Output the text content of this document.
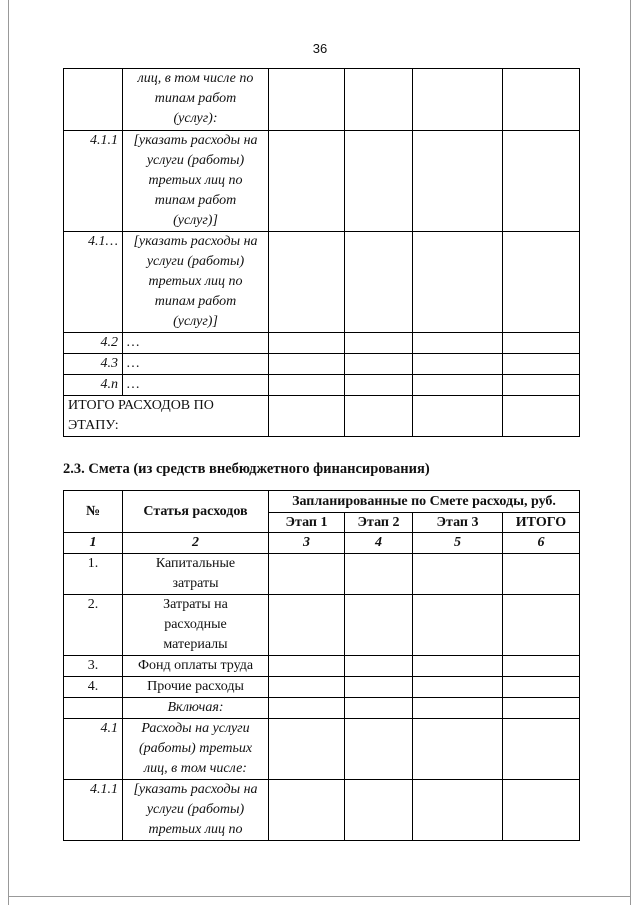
36

	лиц, в том числе по
типам работ
(услуг):				

4.1.1	[указать расходы на
услуги (работы)
третьих лиц по
типам работ
(услуг)]				

4.1…	[указать расходы на
услуги (работы)
третьих лиц по
типам работ
(услуг)]				

4.2	…				
4.3	…				
4.n	…				

ИТОГО РАСХОДОВ ПО
ЭТАПУ:					

2.3. Смета (из средств внебюджетного финансирования)
№	Статья расходов	Запланированные по Смете расходы, руб.			
		Этап 1	Этап 2	Этап 3	ИТОГО
1	2	3	4	5	6
1.	Капитальные
затраты				

2.	Затраты на
расходные
материалы				

3.	Фонд оплаты труда				
4.	Прочие расходы				
	Включая:				
4.1	Расходы на услуги
(работы) третьих
лиц, в том числе:				

4.1.1	[указать расходы на
услуги (работы)
третьих лиц по				
